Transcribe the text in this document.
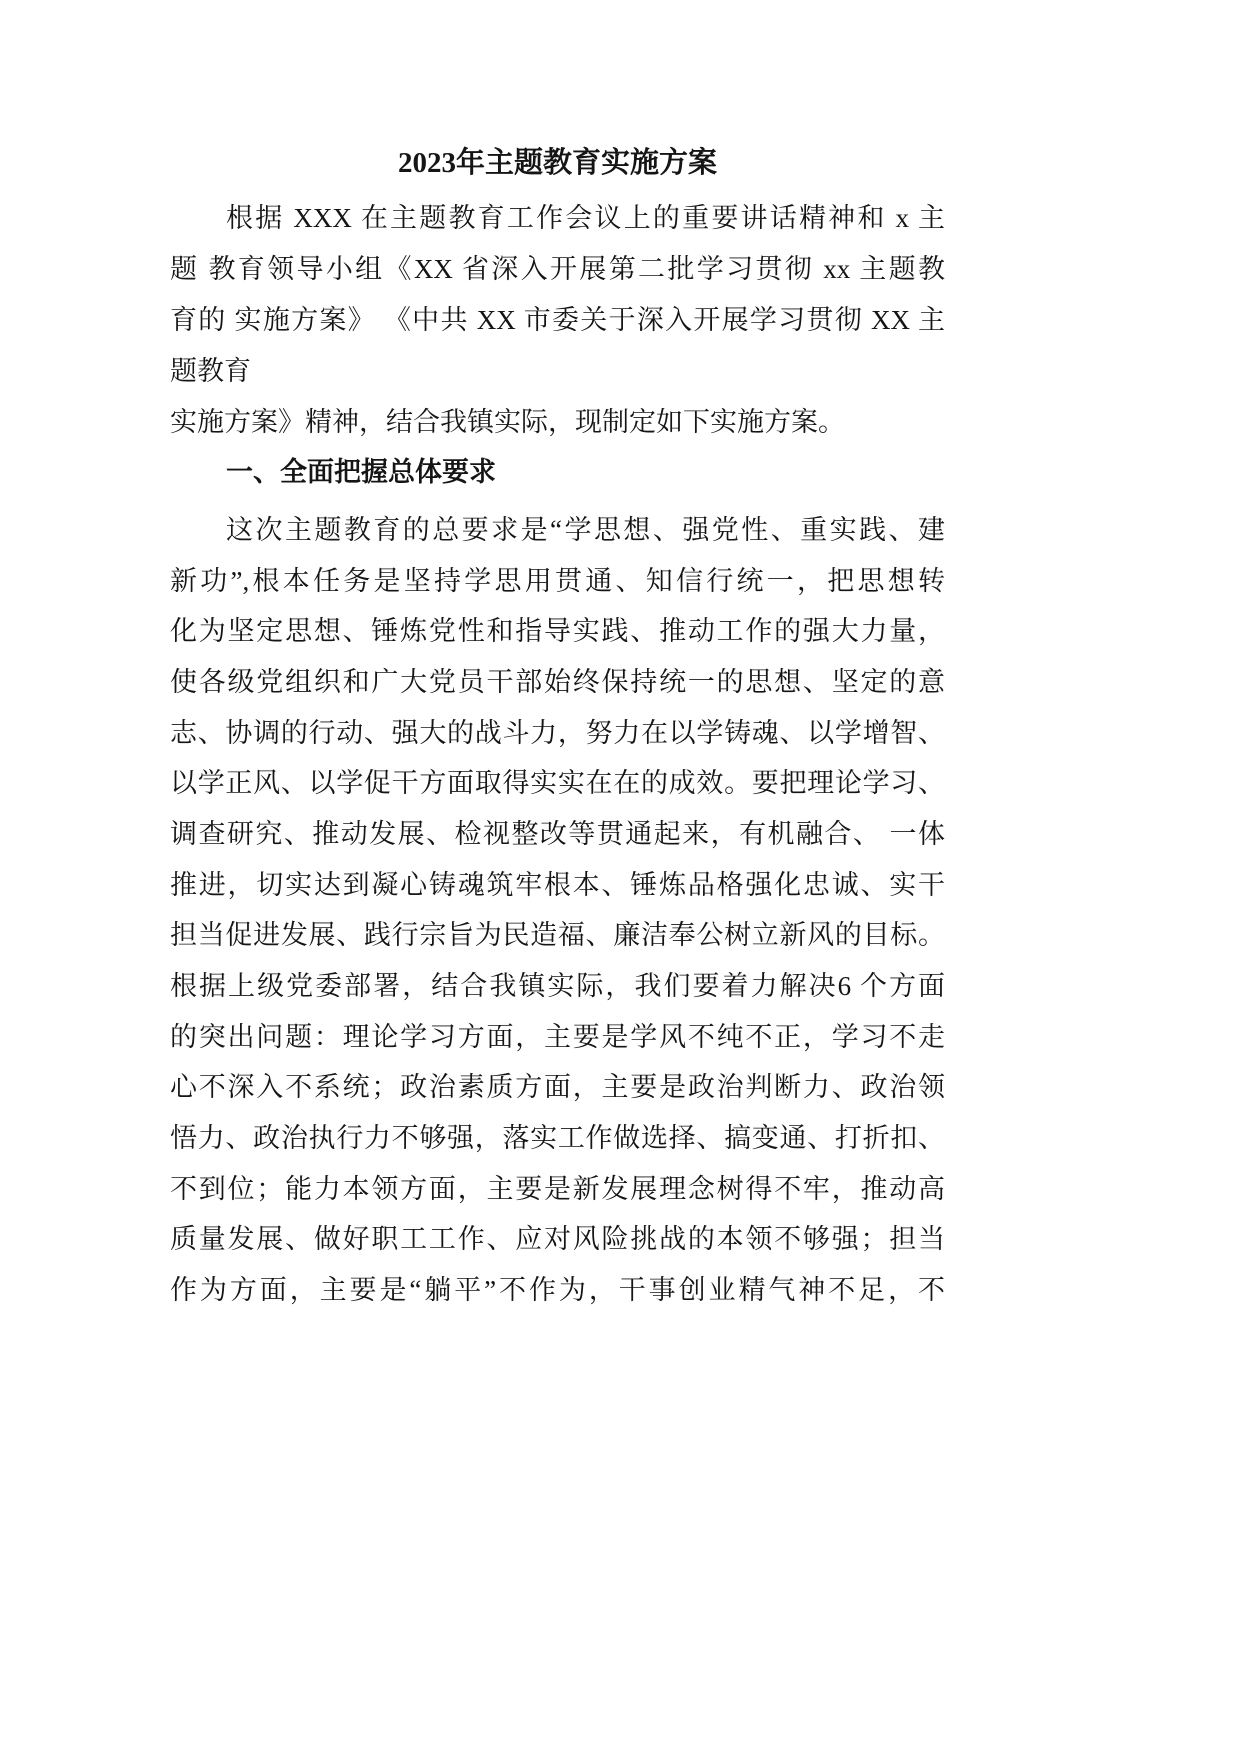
2023年主题教育实施方案
根据 XXX 在主题教育工作会议上的重要讲话精神和 x 主
题 教育领导小组《XX 省深入开展第二批学习贯彻 xx 主题教
育的 实施方案》 《中共 XX 市委关于深入开展学习贯彻 XX 主
题教育
实施方案》精神，结合我镇实际，现制定如下实施方案。
一、全面把握总体要求
这次主题教育的总要求是“学思想、强党性、重实践、建
新功”,根本任务是坚持学思用贯通、知信行统一，把思想转
化为坚定思想、锤炼党性和指导实践、推动工作的强大力量，
使各级党组织和广大党员干部始终保持统一的思想、坚定的意
志、协调的行动、强大的战斗力，努力在以学铸魂、以学增智、
以学正风、以学促干方面取得实实在在的成效。要把理论学习、
调查研究、推动发展、检视整改等贯通起来，有机融合、 一体
推进，切实达到凝心铸魂筑牢根本、锤炼品格强化忠诚、实干
担当促进发展、践行宗旨为民造福、廉洁奉公树立新风的目标。
根据上级党委部署，结合我镇实际，我们要着力解决6 个方面
的突出问题：理论学习方面，主要是学风不纯不正，学习不走
心不深入不系统；政治素质方面，主要是政治判断力、政治领
悟力、政治执行力不够强，落实工作做选择、搞变通、打折扣、
不到位；能力本领方面，主要是新发展理念树得不牢，推动高
质量发展、做好职工工作、应对风险挑战的本领不够强；担当
作为方面，主要是“躺平”不作为，干事创业精气神不足，不
